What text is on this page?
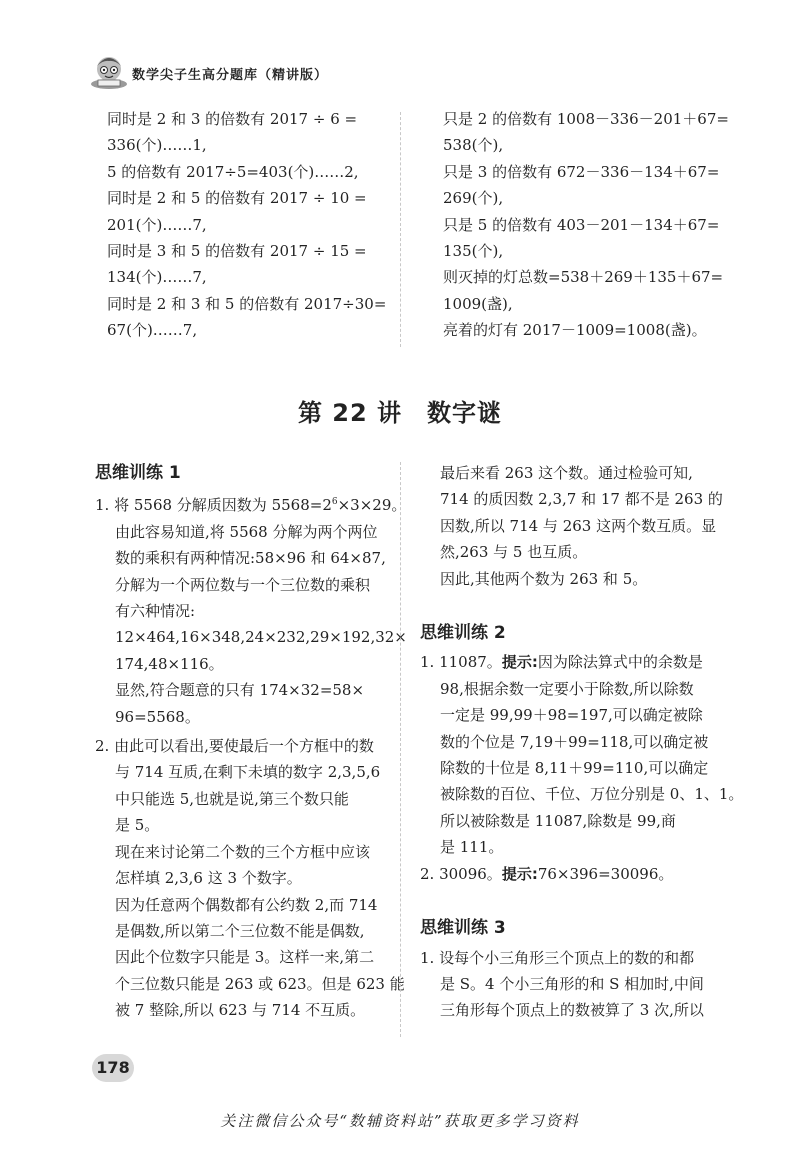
数学尖子生高分题库（精讲版）
同时是 2 和 3 的倍数有 2017 ÷ 6 =
336(个)……1,
5 的倍数有 2017÷5=403(个)……2,
同时是 2 和 5 的倍数有 2017 ÷ 10 =
201(个)……7,
同时是 3 和 5 的倍数有 2017 ÷ 15 =
134(个)……7,
同时是 2 和 3 和 5 的倍数有 2017÷30=
67(个)……7,
只是 2 的倍数有 1008－336－201＋67=
538(个),
只是 3 的倍数有 672－336－134＋67=
269(个),
只是 5 的倍数有 403－201－134＋67=
135(个),
则灭掉的灯总数=538＋269＋135＋67=
1009(盏),
亮着的灯有 2017－1009=1008(盏)。
第 22 讲　数字谜
思维训练 1
1. 将 5568 分解质因数为 $5568=2^6\times 3\times 29$。
由此容易知道,将 5568 分解为两个两位
数的乘积有两种情况:58×96 和 64×87,
分解为一个两位数与一个三位数的乘积
有六种情况:
12×464,16×348,24×232,29×192,32×
174,48×116。
显然,符合题意的只有 174×32=58×
96=5568。
2. 由此可以看出,要使最后一个方框中的数
与 714 互质,在剩下未填的数字 2,3,5,6
中只能选 5,也就是说,第三个数只能
是 5。
现在来讨论第二个数的三个方框中应该
怎样填 2,3,6 这 3 个数字。
因为任意两个偶数都有公约数 2,而 714
是偶数,所以第二个三位数不能是偶数,
因此个位数字只能是 3。这样一来,第二
个三位数只能是 263 或 623。但是 623 能
被 7 整除,所以 623 与 714 不互质。
最后来看 263 这个数。通过检验可知,
714 的质因数 2,3,7 和 17 都不是 263 的
因数,所以 714 与 263 这两个数互质。显
然,263 与 5 也互质。
因此,其他两个数为 263 和 5。
思维训练 2
1. 11087。提示:因为除法算式中的余数是
98,根据余数一定要小于除数,所以除数
一定是 99,99＋98=197,可以确定被除
数的个位是 7,19＋99=118,可以确定被
除数的十位是 8,11＋99=110,可以确定
被除数的百位、千位、万位分别是 0、1、1。
所以被除数是 11087,除数是 99,商
是 111。
2. 30096。提示:76×396=30096。
思维训练 3
1. 设每个小三角形三个顶点上的数的和都
是 S。4 个小三角形的和 S 相加时,中间
三角形每个顶点上的数被算了 3 次,所以
178
关注微信公众号“数辅资料站”获取更多学习资料
